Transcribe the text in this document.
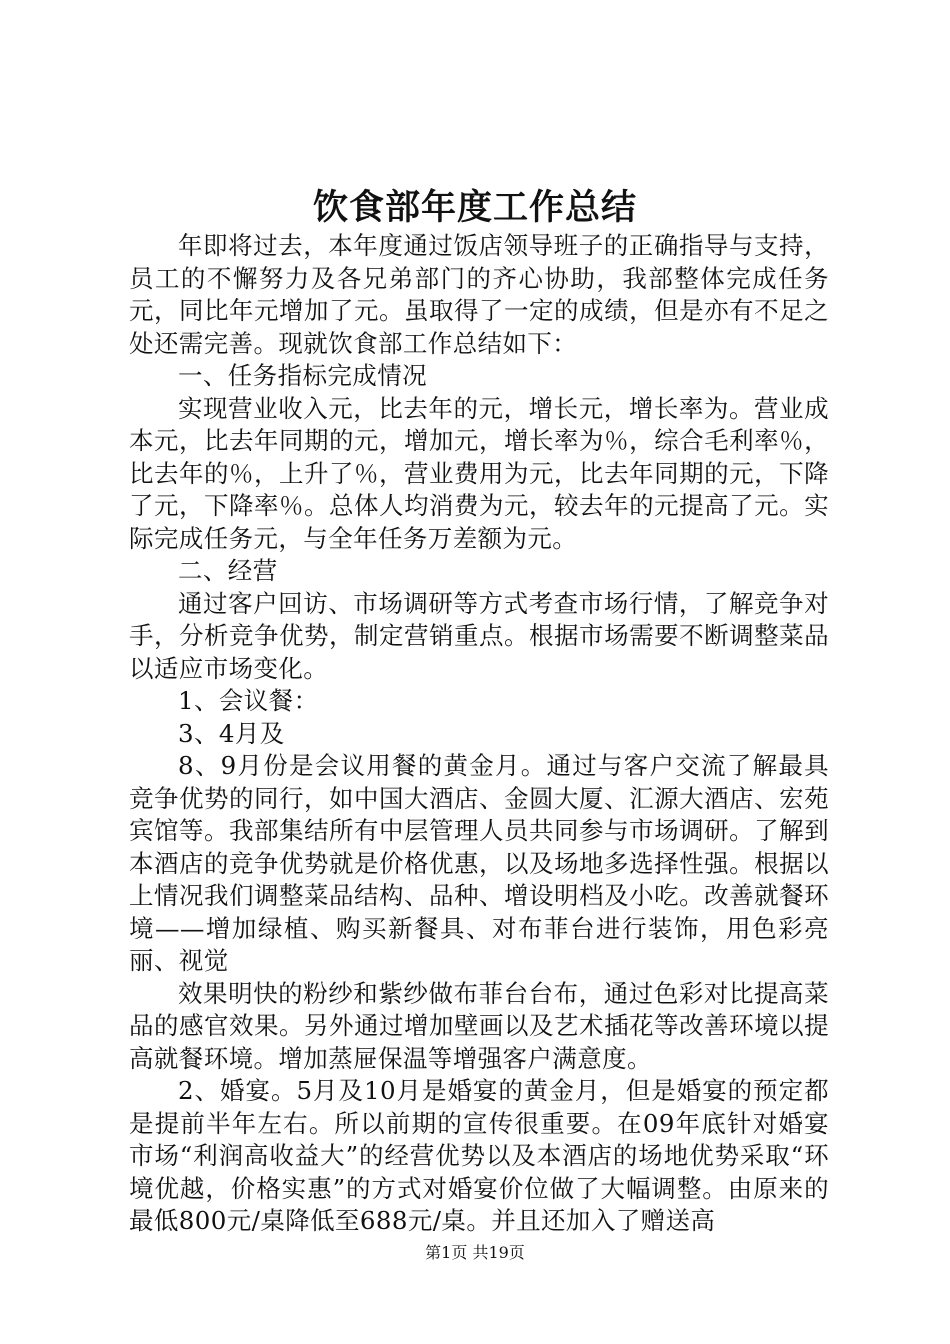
饮食部年度工作总结

年即将过去，本年度通过饭店领导班子的正确指导与支持，员工的不懈努力及各兄弟部门的齐心协助，我部整体完成任务元，同比年元增加了元。虽取得了一定的成绩，但是亦有不足之处还需完善。现就饮食部工作总结如下：

一、任务指标完成情况

实现营业收入元，比去年的元，增长元，增长率为。营业成本元，比去年同期的元，增加元，增长率为％，综合毛利率％，比去年的％，上升了％，营业费用为元，比去年同期的元，下降了元，下降率％。总体人均消费为元，较去年的元提高了元。实际完成任务元，与全年任务万差额为元。

二、经营

通过客户回访、市场调研等方式考查市场行情，了解竞争对手，分析竞争优势，制定营销重点。根据市场需要不断调整菜品以适应市场变化。

1、会议餐：

3、4月及

8、9月份是会议用餐的黄金月。通过与客户交流了解最具竞争优势的同行，如中国大酒店、金圆大厦、汇源大酒店、宏苑宾馆等。我部集结所有中层管理人员共同参与市场调研。了解到本酒店的竞争优势就是价格优惠，以及场地多选择性强。根据以上情况我们调整菜品结构、品种、增设明档及小吃。改善就餐环境——增加绿植、购买新餐具、对布菲台进行装饰，用色彩亮丽、视觉

效果明快的粉纱和紫纱做布菲台台布，通过色彩对比提高菜品的感官效果。另外通过增加壁画以及艺术插花等改善环境以提高就餐环境。增加蒸屉保温等增强客户满意度。

2、婚宴。5月及10月是婚宴的黄金月，但是婚宴的预定都是提前半年左右。所以前期的宣传很重要。在09年底针对婚宴市场“利润高收益大”的经营优势以及本酒店的场地优势采取“环境优越，价格实惠”的方式对婚宴价位做了大幅调整。由原来的最低800元/桌降低至688元/桌。并且还加入了赠送高

第1页 共19页
